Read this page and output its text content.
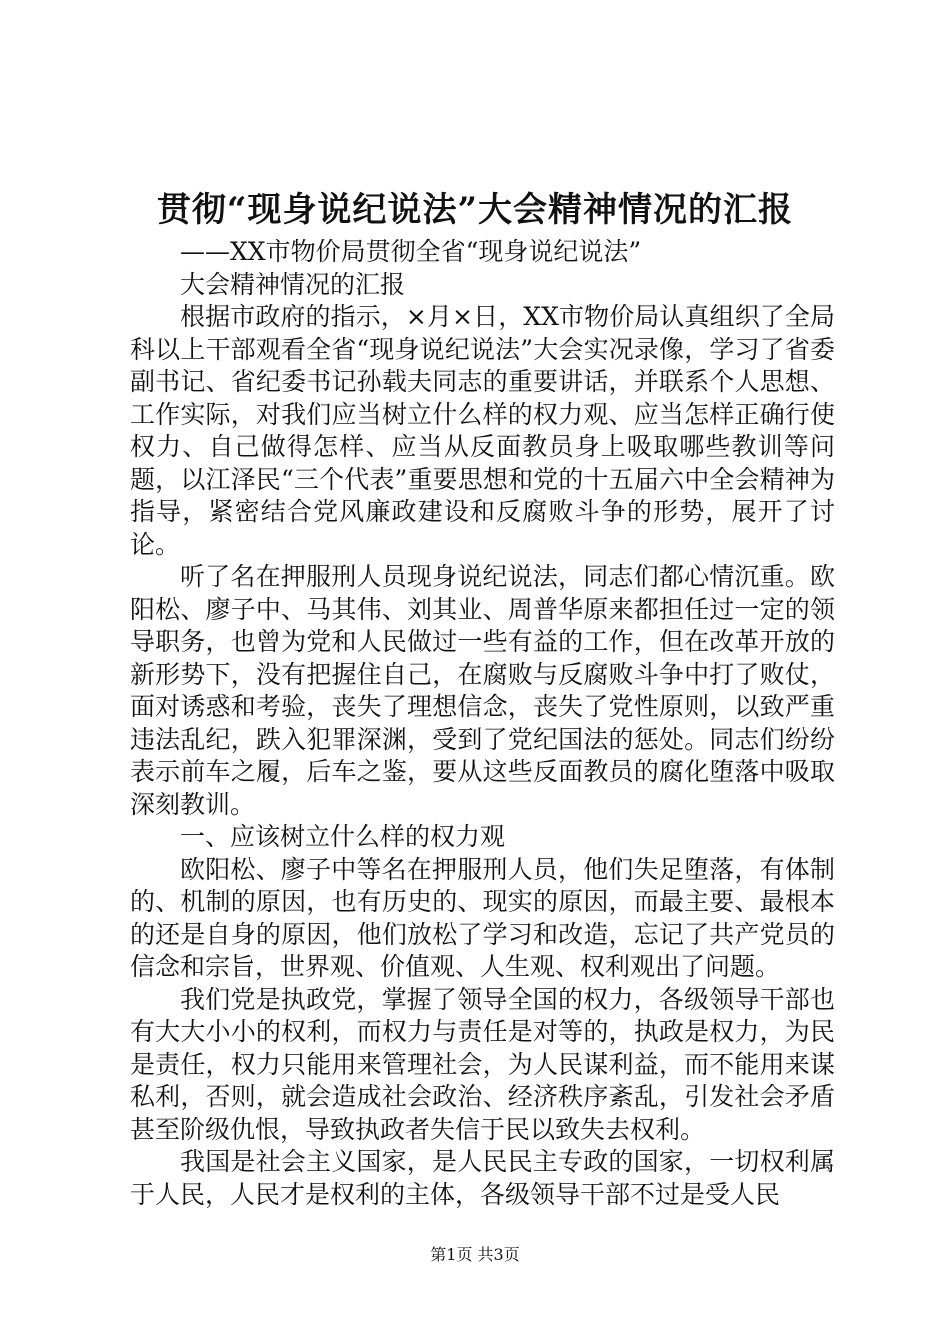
贯彻“现身说纪说法”大会精神情况的汇报

——XX市物价局贯彻全省“现身说纪说法”

大会精神情况的汇报

根据市政府的指示，×月×日，XX市物价局认真组织了全局科以上干部观看全省“现身说纪说法”大会实况录像，学习了省委副书记、省纪委书记孙载夫同志的重要讲话，并联系个人思想、工作实际，对我们应当树立什么样的权力观、应当怎样正确行使权力、自己做得怎样、应当从反面教员身上吸取哪些教训等问题，以江泽民“三个代表”重要思想和党的十五届六中全会精神为指导，紧密结合党风廉政建设和反腐败斗争的形势，展开了讨论。

听了名在押服刑人员现身说纪说法，同志们都心情沉重。欧阳松、廖子中、马其伟、刘其业、周普华原来都担任过一定的领导职务，也曾为党和人民做过一些有益的工作，但在改革开放的新形势下，没有把握住自己，在腐败与反腐败斗争中打了败仗，面对诱惑和考验，丧失了理想信念，丧失了党性原则，以致严重违法乱纪，跌入犯罪深渊，受到了党纪国法的惩处。同志们纷纷表示前车之履，后车之鉴，要从这些反面教员的腐化堕落中吸取深刻教训。

一、应该树立什么样的权力观

欧阳松、廖子中等名在押服刑人员，他们失足堕落，有体制的、机制的原因，也有历史的、现实的原因，而最主要、最根本的还是自身的原因，他们放松了学习和改造，忘记了共产党员的信念和宗旨，世界观、价值观、人生观、权利观出了问题。

我们党是执政党，掌握了领导全国的权力，各级领导干部也有大大小小的权利，而权力与责任是对等的，执政是权力，为民是责任，权力只能用来管理社会，为人民谋利益，而不能用来谋私利，否则，就会造成社会政治、经济秩序紊乱，引发社会矛盾甚至阶级仇恨，导致执政者失信于民以致失去权利。

我国是社会主义国家，是人民民主专政的国家，一切权利属于人民，人民才是权利的主体，各级领导干部不过是受人民

第1页 共3页
